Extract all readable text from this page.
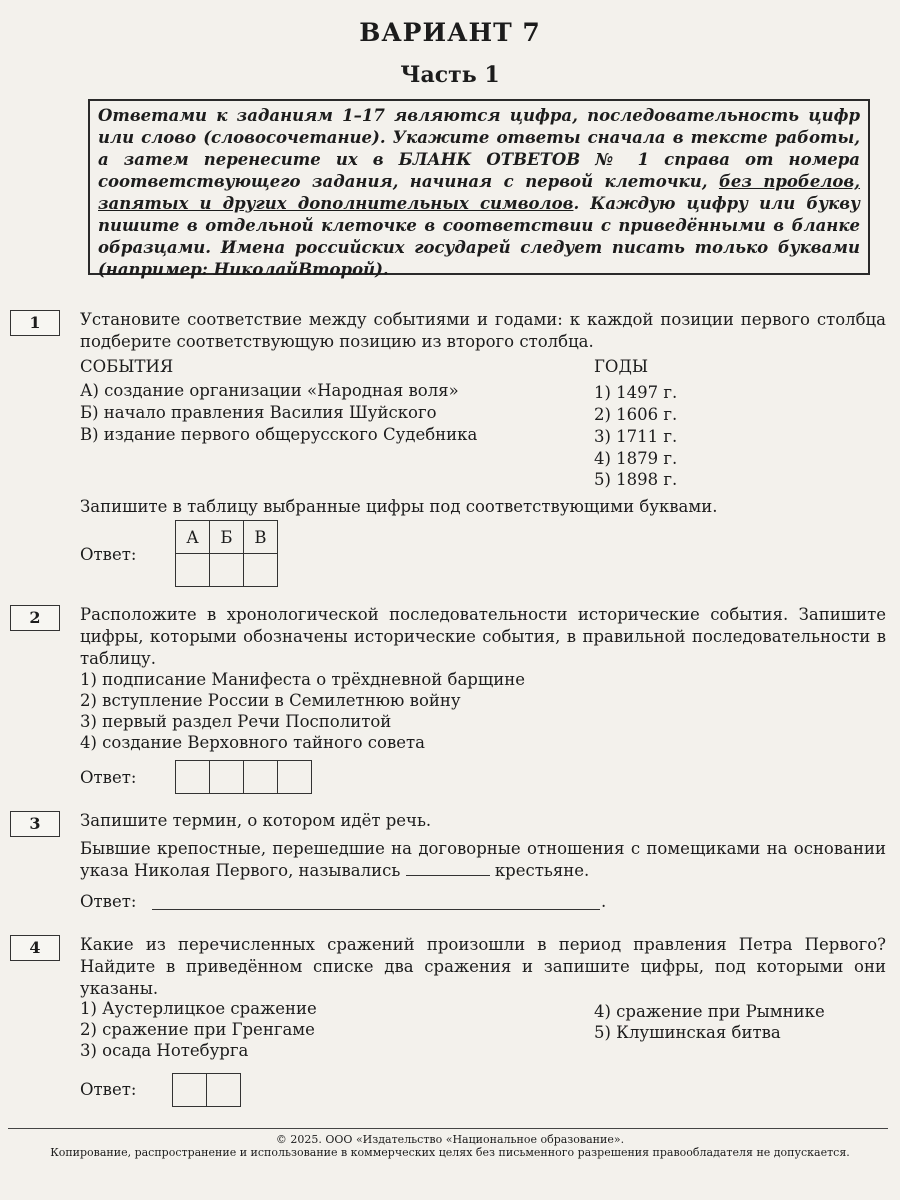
ВАРИАНТ 7
Часть 1
Ответами к заданиям 1–17 являются цифра, последовательность цифр или слово (словосочетание). Укажите ответы сначала в тексте работы, а затем перенесите их в БЛАНК ОТВЕТОВ № 1 справа от номера соответствующего задания, начиная с первой клеточки, без пробелов, запятых и других дополнительных символов. Каждую цифру или букву пишите в отдельной клеточке в соответствии с приведёнными в бланке образцами. Имена российских государей следует писать только буквами (например: НиколайВторой).
1	Установите соответствие между событиями и годами: к каждой позиции первого столбца подберите соответствующую позицию из второго столбца.
СОБЫТИЯ	ГОДЫ
А) создание организации «Народная воля»
Б) начало правления Василия Шуйского
В) издание первого общерусского Судебника
1) 1497 г.
2) 1606 г.
3) 1711 г.
4) 1879 г.
5) 1898 г.
Запишите в таблицу выбранные цифры под соответствующими буквами.
Ответ:
А	Б	В

2	Расположите в хронологической последовательности исторические события. Запишите цифры, которыми обозначены исторические события, в правильной последовательности в таблицу.
1) подписание Манифеста о трёхдневной барщине
2) вступление России в Семилетнюю войну
3) первый раздел Речи Посполитой
4) создание Верховного тайного совета
Ответ:

3	Запишите термин, о котором идёт речь.
Бывшие крепостные, перешедшие на договорные отношения с помещиками на основании указа Николая Первого, назывались	крестьяне.
Ответ:	.
4	Какие из перечисленных сражений произошли в период правления Петра Первого? Найдите в приведённом списке два сражения и запишите цифры, под которыми они указаны.
1) Аустерлицкое сражение
2) сражение при Гренгаме
3) осада Нотебурга
4) сражение при Рымнике
5) Клушинская битва
Ответ:

© 2025. ООО «Издательство «Национальное образование».
Копирование, распространение и использование в коммерческих целях без письменного разрешения правообладателя не допускается.
